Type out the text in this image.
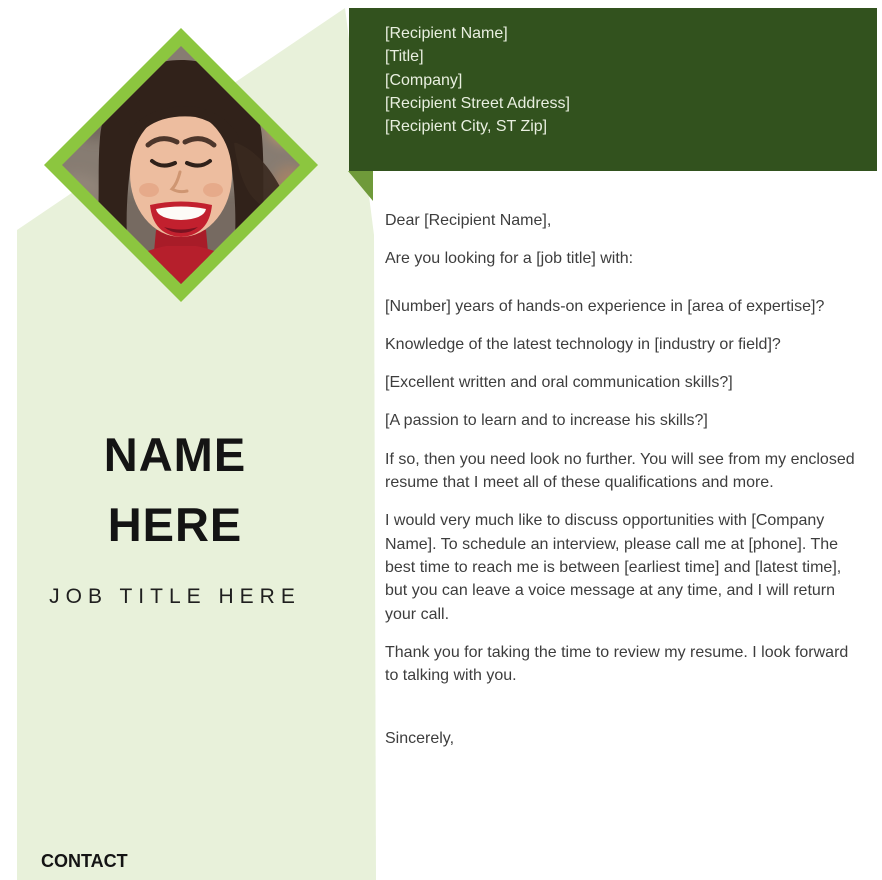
NAME
HERE
JOB TITLE HERE
CONTACT
[Recipient Name]
[Title]
[Company]
[Recipient Street Address]
[Recipient City, ST Zip]

Dear [Recipient Name],

Are you looking for a [job title] with:

[Number] years of hands-on experience in [area of expertise]?

Knowledge of the latest technology in [industry or field]?

[Excellent written and oral communication skills?]

[A passion to learn and to increase his skills?]

If so, then you need look no further. You will see from my enclosed resume that I meet all of these qualifications and more.

I would very much like to discuss opportunities with [Company Name]. To schedule an interview, please call me at [phone]. The best time to reach me is between [earliest time] and [latest time], but you can leave a voice message at any time, and I will return your call.

Thank you for taking the time to review my resume. I look forward to talking with you.

Sincerely,
